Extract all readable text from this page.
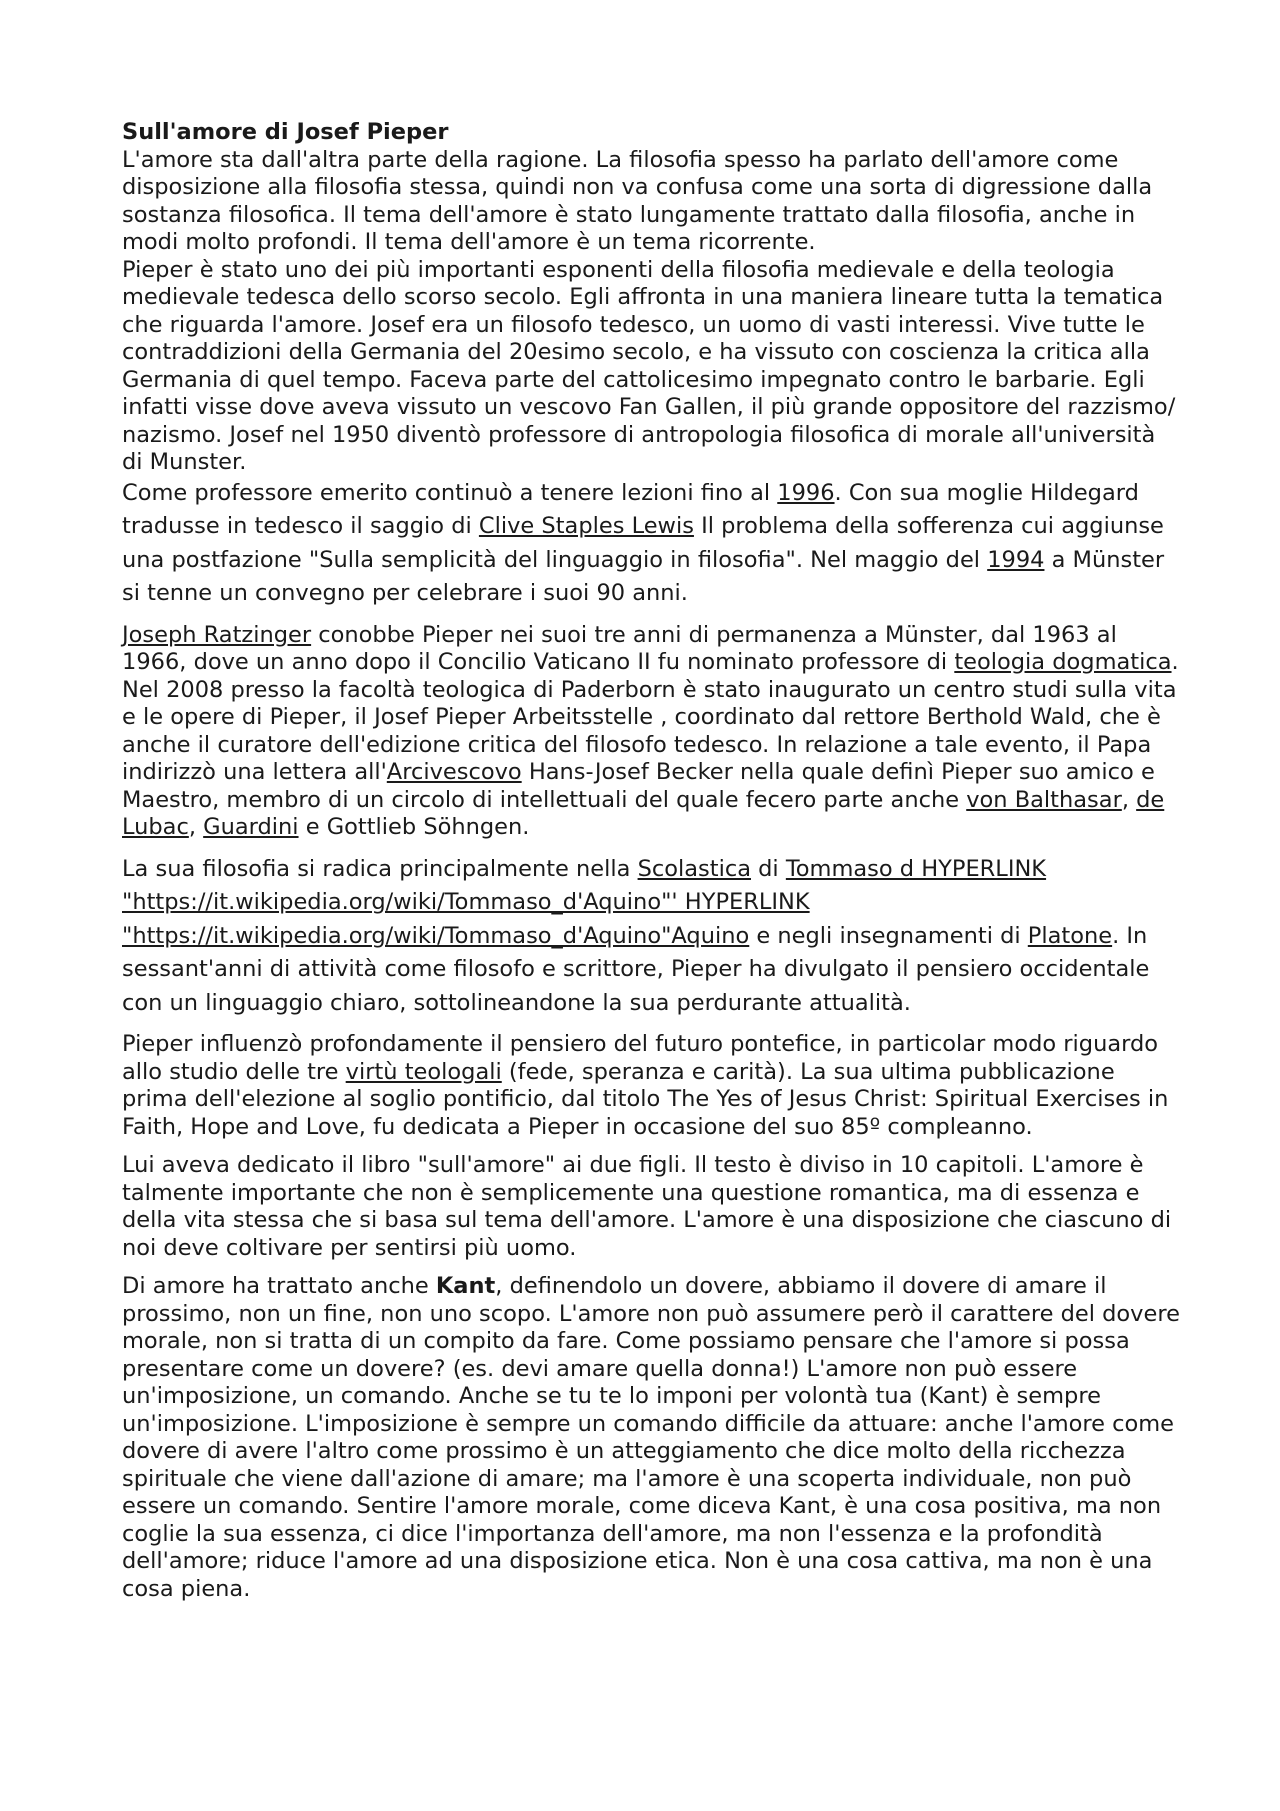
Sull'amore di Josef Pieper

L'amore sta dall'altra parte della ragione. La filosofia spesso ha parlato dell'amore come disposizione alla filosofia stessa, quindi non va confusa come una sorta di digressione dalla sostanza filosofica. Il tema dell'amore è stato lungamente trattato dalla filosofia, anche in modi molto profondi. Il tema dell'amore è un tema ricorrente.

Pieper è stato uno dei più importanti esponenti della filosofia medievale e della teologia medievale tedesca dello scorso secolo. Egli affronta in una maniera lineare tutta la tematica che riguarda l'amore. Josef era un filosofo tedesco, un uomo di vasti interessi. Vive tutte le contraddizioni della Germania del 20esimo secolo, e ha vissuto con coscienza la critica alla Germania di quel tempo. Faceva parte del cattolicesimo impegnato contro le barbarie. Egli infatti visse dove aveva vissuto un vescovo Fan Gallen, il più grande oppositore del razzismo/ nazismo. Josef nel 1950 diventò professore di antropologia filosofica di morale all'università di Munster.

Come professore emerito continuò a tenere lezioni fino al 1996. Con sua moglie Hildegard tradusse in tedesco il saggio di Clive Staples Lewis Il problema della sofferenza cui aggiunse una postfazione "Sulla semplicità del linguaggio in filosofia". Nel maggio del 1994 a Münster si tenne un convegno per celebrare i suoi 90 anni.

Joseph Ratzinger conobbe Pieper nei suoi tre anni di permanenza a Münster, dal 1963 al 1966, dove un anno dopo il Concilio Vaticano II fu nominato professore di teologia dogmatica. Nel 2008 presso la facoltà teologica di Paderborn è stato inaugurato un centro studi sulla vita e le opere di Pieper, il Josef Pieper Arbeitsstelle , coordinato dal rettore Berthold Wald, che è anche il curatore dell'edizione critica del filosofo tedesco. In relazione a tale evento, il Papa indirizzò una lettera all'Arcivescovo Hans-Josef Becker nella quale definì Pieper suo amico e Maestro, membro di un circolo di intellettuali del quale fecero parte anche von Balthasar, de Lubac, Guardini e Gottlieb Söhngen.

La sua filosofia si radica principalmente nella Scolastica di Tommaso d HYPERLINK "https://it.wikipedia.org/wiki/Tommaso_d'Aquino"' HYPERLINK "https://it.wikipedia.org/wiki/Tommaso_d'Aquino"Aquino e negli insegnamenti di Platone. In sessant'anni di attività come filosofo e scrittore, Pieper ha divulgato il pensiero occidentale con un linguaggio chiaro, sottolineandone la sua perdurante attualità.

Pieper influenzò profondamente il pensiero del futuro pontefice, in particolar modo riguardo allo studio delle tre virtù teologali (fede, speranza e carità). La sua ultima pubblicazione prima dell'elezione al soglio pontificio, dal titolo The Yes of Jesus Christ: Spiritual Exercises in Faith, Hope and Love, fu dedicata a Pieper in occasione del suo 85º compleanno.

Lui aveva dedicato il libro "sull'amore" ai due figli. Il testo è diviso in 10 capitoli. L'amore è talmente importante che non è semplicemente una questione romantica, ma di essenza e della vita stessa che si basa sul tema dell'amore. L'amore è una disposizione che ciascuno di noi deve coltivare per sentirsi più uomo.

Di amore ha trattato anche Kant, definendolo un dovere, abbiamo il dovere di amare il prossimo, non un fine, non uno scopo. L'amore non può assumere però il carattere del dovere morale, non si tratta di un compito da fare. Come possiamo pensare che l'amore si possa presentare come un dovere? (es. devi amare quella donna!) L'amore non può essere un'imposizione, un comando. Anche se tu te lo imponi per volontà tua (Kant) è sempre un'imposizione. L'imposizione è sempre un comando difficile da attuare: anche l'amore come dovere di avere l'altro come prossimo è un atteggiamento che dice molto della ricchezza spirituale che viene dall'azione di amare; ma l'amore è una scoperta individuale, non può essere un comando. Sentire l'amore morale, come diceva Kant, è una cosa positiva, ma non coglie la sua essenza, ci dice l'importanza dell'amore, ma non l'essenza e la profondità dell'amore; riduce l'amore ad una disposizione etica. Non è una cosa cattiva, ma non è una cosa piena.
